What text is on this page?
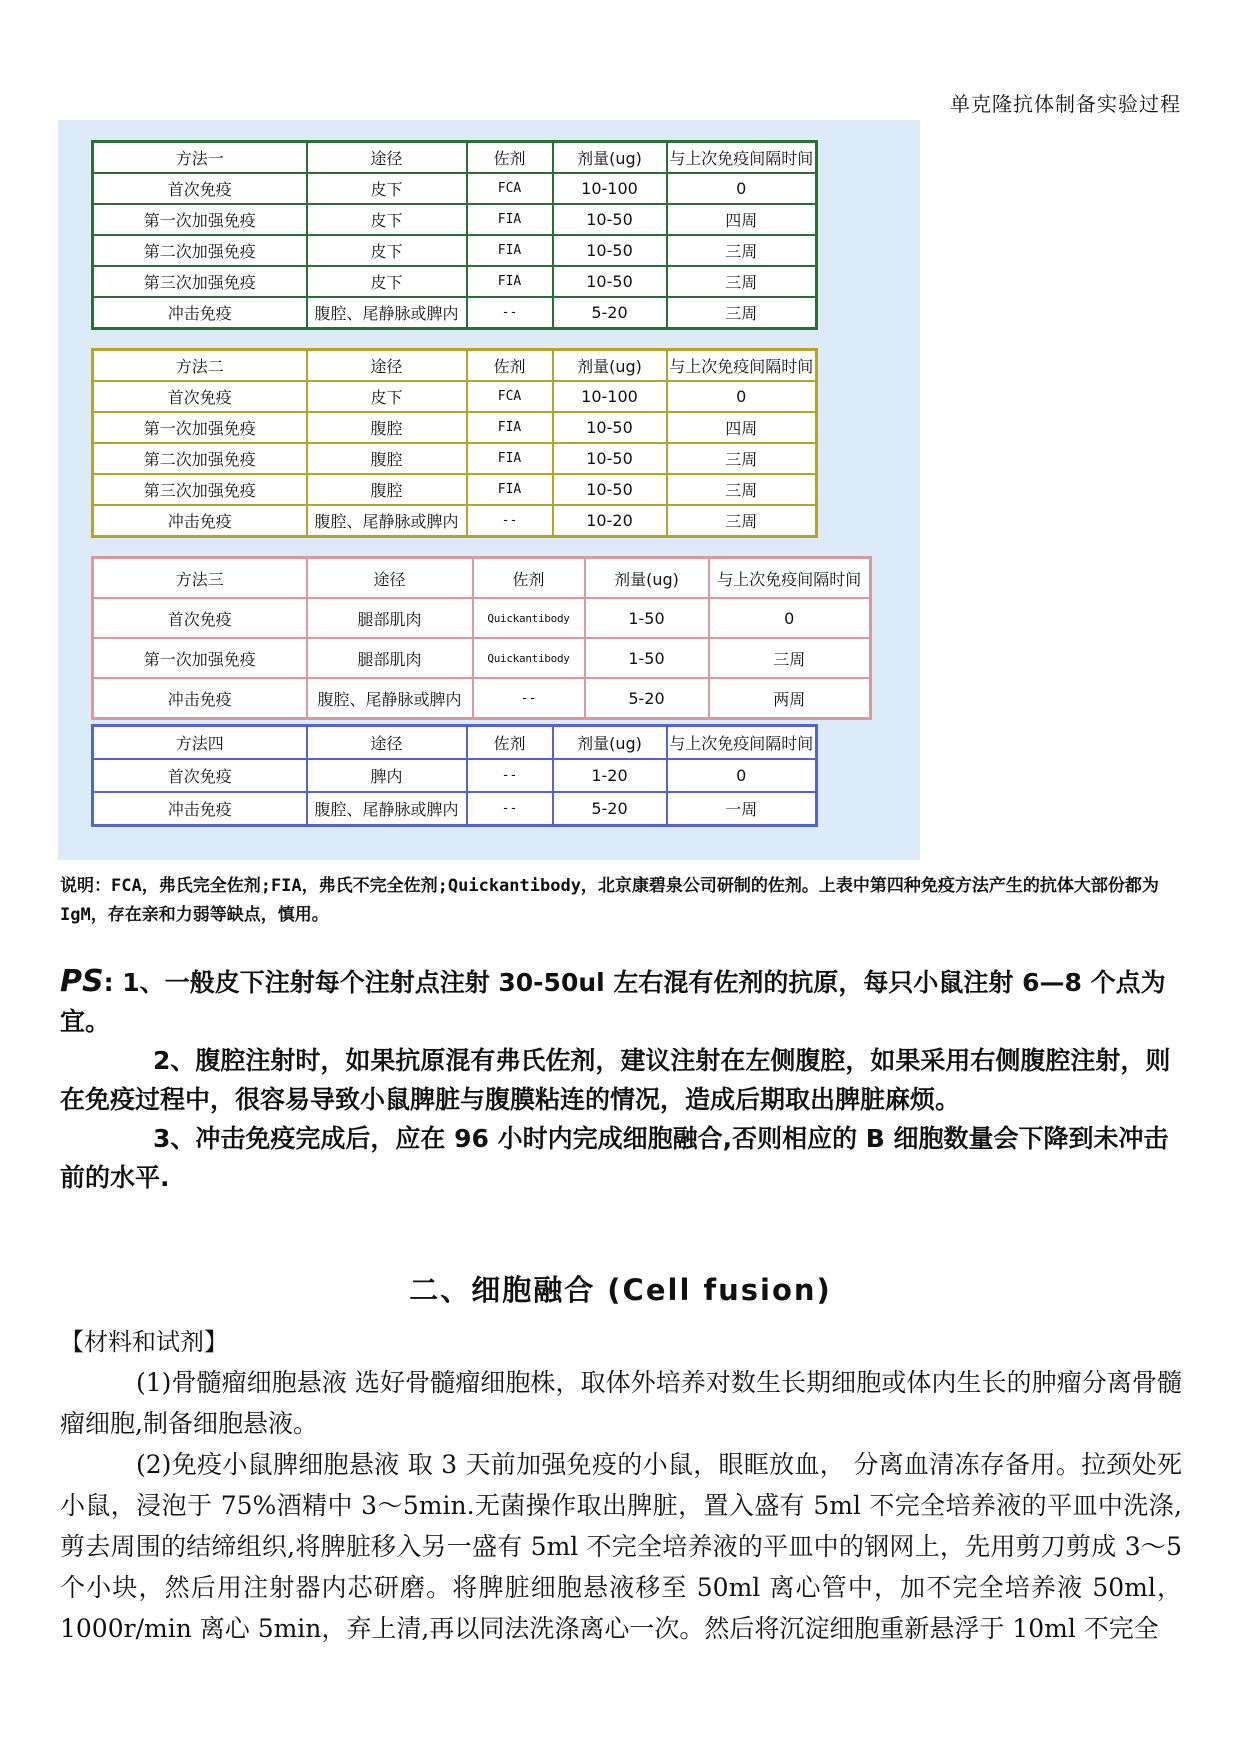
单克隆抗体制备实验过程
方法一	途径	佐剂	剂量(ug)	与上次免疫间隔时间
首次免疫	皮下	FCA	10-100	0
第一次加强免疫	皮下	FIA	10-50	四周
第二次加强免疫	皮下	FIA	10-50	三周
第三次加强免疫	皮下	FIA	10-50	三周
冲击免疫	腹腔、尾静脉或脾内	--	5-20	三周
方法二	途径	佐剂	剂量(ug)	与上次免疫间隔时间
首次免疫	皮下	FCA	10-100	0
第一次加强免疫	腹腔	FIA	10-50	四周
第二次加强免疫	腹腔	FIA	10-50	三周
第三次加强免疫	腹腔	FIA	10-50	三周
冲击免疫	腹腔、尾静脉或脾内	--	10-20	三周
方法三	途径	佐剂	剂量(ug)	与上次免疫间隔时间
首次免疫	腿部肌肉	Quickantibody	1-50	0
第一次加强免疫	腿部肌肉	Quickantibody	1-50	三周
冲击免疫	腹腔、尾静脉或脾内	--	5-20	两周
方法四	途径	佐剂	剂量(ug)	与上次免疫间隔时间
首次免疫	脾内	--	1-20	0
冲击免疫	腹腔、尾静脉或脾内	--	5-20	一周
说明：FCA，弗氏完全佐剂;FIA，弗氏不完全佐剂;Quickantibody，北京康碧泉公司研制的佐剂。上表中第四种免疫方法产生的抗体大部份都为 IgM，存在亲和力弱等缺点，慎用。

PS: 1、一般皮下注射每个注射点注射 30-50ul 左右混有佐剂的抗原，每只小鼠注射 6—8 个点为宜。

2、腹腔注射时，如果抗原混有弗氏佐剂，建议注射在左侧腹腔，如果采用右侧腹腔注射，则在免疫过程中，很容易导致小鼠脾脏与腹膜粘连的情况，造成后期取出脾脏麻烦。

3、冲击免疫完成后，应在 96 小时内完成细胞融合,否则相应的 B 细胞数量会下降到未冲击前的水平.

二、细胞融合 (Cell fusion)
【材料和试剂】

(1)骨髓瘤细胞悬液 选好骨髓瘤细胞株，取体外培养对数生长期细胞或体内生长的肿瘤分离骨髓瘤细胞,制备细胞悬液。

(2)免疫小鼠脾细胞悬液 取 3 天前加强免疫的小鼠，眼眶放血， 分离血清冻存备用。拉颈处死小鼠，浸泡于 75%酒精中 3～5min.无菌操作取出脾脏，置入盛有 5ml 不完全培养液的平皿中洗涤,剪去周围的结缔组织,将脾脏移入另一盛有 5ml 不完全培养液的平皿中的钢网上，先用剪刀剪成 3～5 个小块，然后用注射器内芯研磨。将脾脏细胞悬液移至 50ml 离心管中，加不完全培养液 50ml，1000r/min 离心 5min，弃上清,再以同法洗涤离心一次。然后将沉淀细胞重新悬浮于 10ml 不完全
